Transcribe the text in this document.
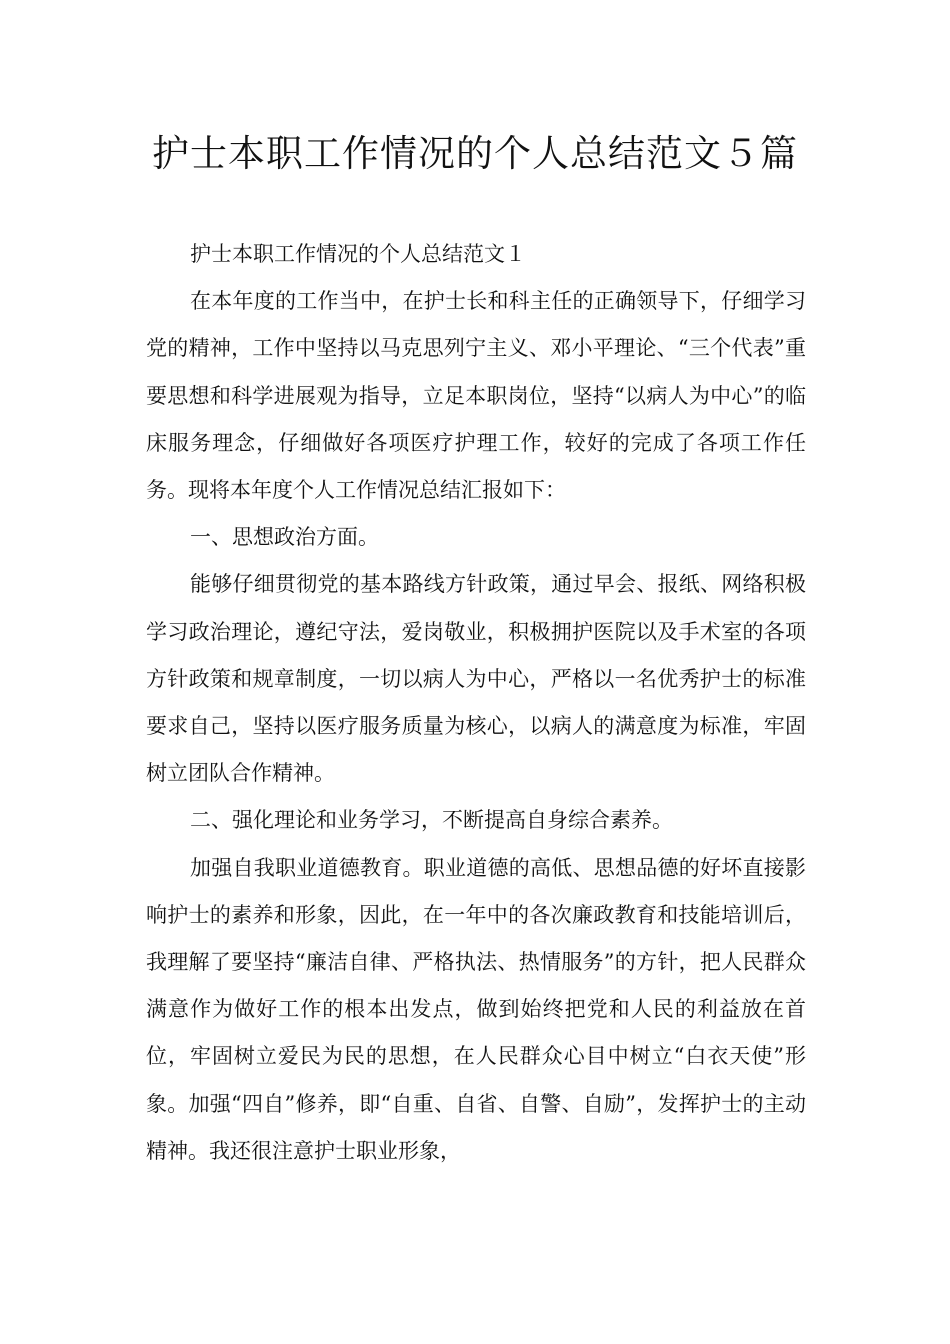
护士本职工作情况的个人总结范文５篇

护士本职工作情况的个人总结范文１

在本年度的工作当中，在护士长和科主任的正确领导下，仔细学习党的精神，工作中坚持以马克思列宁主义、邓小平理论、“三个代表”重要思想和科学进展观为指导，立足本职岗位，坚持“以病人为中心”的临床服务理念，仔细做好各项医疗护理工作，较好的完成了各项工作任务。现将本年度个人工作情况总结汇报如下：

一、思想政治方面。

能够仔细贯彻党的基本路线方针政策，通过早会、报纸、网络积极学习政治理论，遵纪守法，爱岗敬业，积极拥护医院以及手术室的各项方针政策和规章制度，一切以病人为中心，严格以一名优秀护士的标准要求自己，坚持以医疗服务质量为核心，以病人的满意度为标准，牢固树立团队合作精神。

二、强化理论和业务学习，不断提高自身综合素养。

加强自我职业道德教育。职业道德的高低、思想品德的好坏直接影响护士的素养和形象，因此，在一年中的各次廉政教育和技能培训后，我理解了要坚持“廉洁自律、严格执法、热情服务”的方针，把人民群众满意作为做好工作的根本出发点，做到始终把党和人民的利益放在首位，牢固树立爱民为民的思想，在人民群众心目中树立“白衣天使”形象。加强“四自”修养，即“自重、自省、自警、自励”，发挥护士的主动精神。我还很注意护士职业形象，
